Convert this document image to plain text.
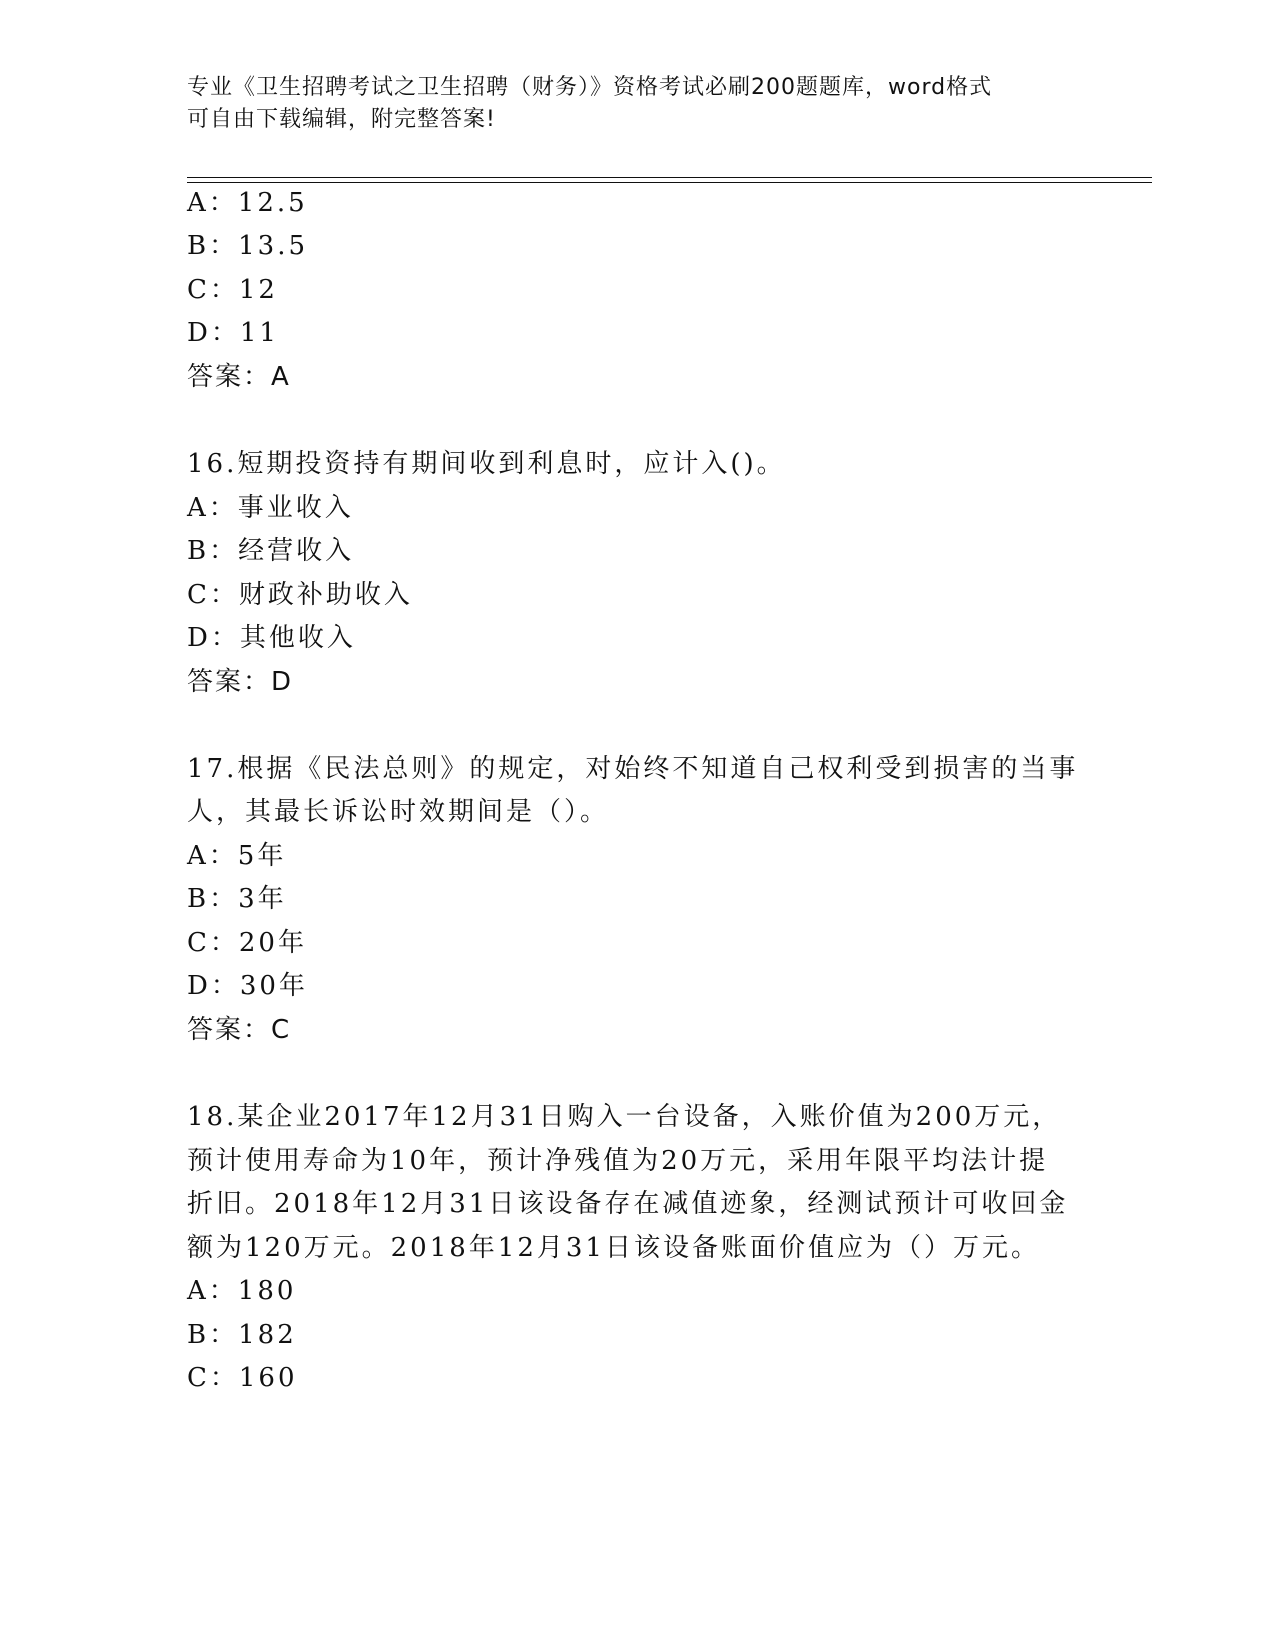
专业《卫生招聘考试之卫生招聘（财务）》资格考试必刷200题题库，word格式
可自由下载编辑，附完整答案!
A：12.5
B：13.5
C：12
D：11
答案：A
16.短期投资持有期间收到利息时，应计入()。
A：事业收入
B：经营收入
C：财政补助收入
D：其他收入
答案：D
17.根据《民法总则》的规定，对始终不知道自己权利受到损害的当事
人，其最长诉讼时效期间是（）。
A：5年
B：3年
C：20年
D：30年
答案：C
18.某企业2017年12月31日购入一台设备，入账价值为200万元，
预计使用寿命为10年，预计净残值为20万元，采用年限平均法计提
折旧。2018年12月31日该设备存在减值迹象，经测试预计可收回金
额为120万元。2018年12月31日该设备账面价值应为（）万元。
A：180
B：182
C：160
